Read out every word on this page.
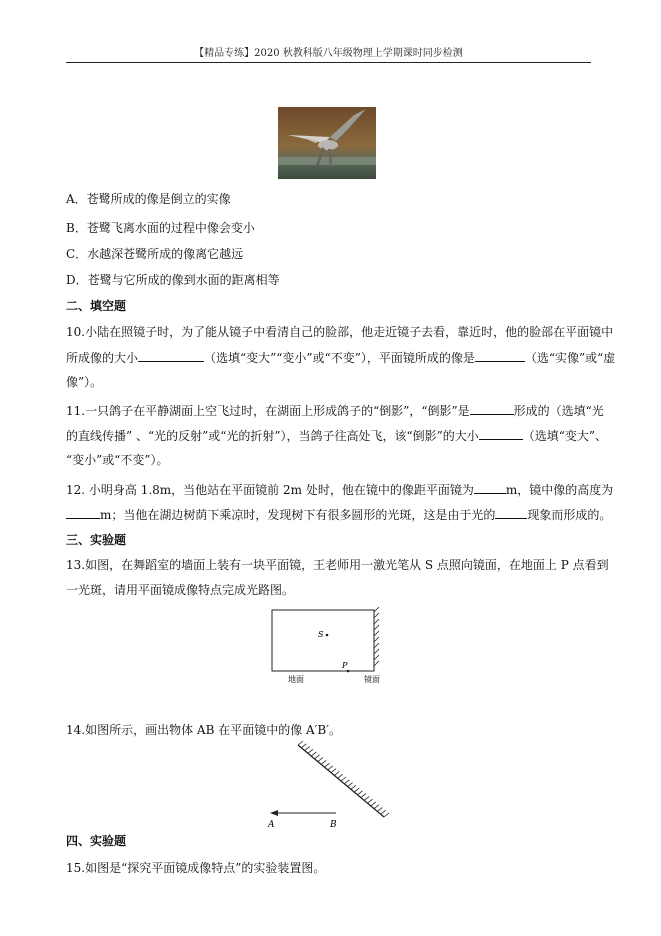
【精品专练】2020 秋教科版八年级物理上学期课时同步检测
A．苍鹭所成的像是倒立的实像
B．苍鹭飞离水面的过程中像会变小
C．水越深苍鹭所成的像离它越远
D．苍鹭与它所成的像到水面的距离相等
二、填空题
10.小陆在照镜子时，为了能从镜子中看清自己的脸部，他走近镜子去看，靠近时，他的脸部在平面镜中
所成像的大小	（选填“变大”“变小”或“不变”），平面镜所成的像是	（选“实像”或“虚
像”）。
11.一只鸽子在平静湖面上空飞过时，在湖面上形成鸽子的“倒影”，“倒影”是	形成的（选填“光
的直线传播” 、“光的反射”或“光的折射”），当鸽子往高处飞，该“倒影”的大小	（选填“变大”、
“变小”或“不变”）。
12. 小明身高 1.8m，当他站在平面镜前 2m 处时，他在镜中的像距平面镜为	m，镜中像的高度为
m；当他在湖边树荫下乘凉时，发现树下有很多圆形的光斑，这是由于光的	现象而形成的。
三、实验题
13.如图，在舞蹈室的墙面上装有一块平面镜，王老师用一激光笔从 S 点照向镜面，在地面上 P 点看到
一光斑，请用平面镜成像特点完成光路图。
S
P
地面	镜面
14.如图所示，画出物体 AB 在平面镜中的像 A′B′。
A	B
四、实验题
15.如图是“探究平面镜成像特点”的实验装置图。
